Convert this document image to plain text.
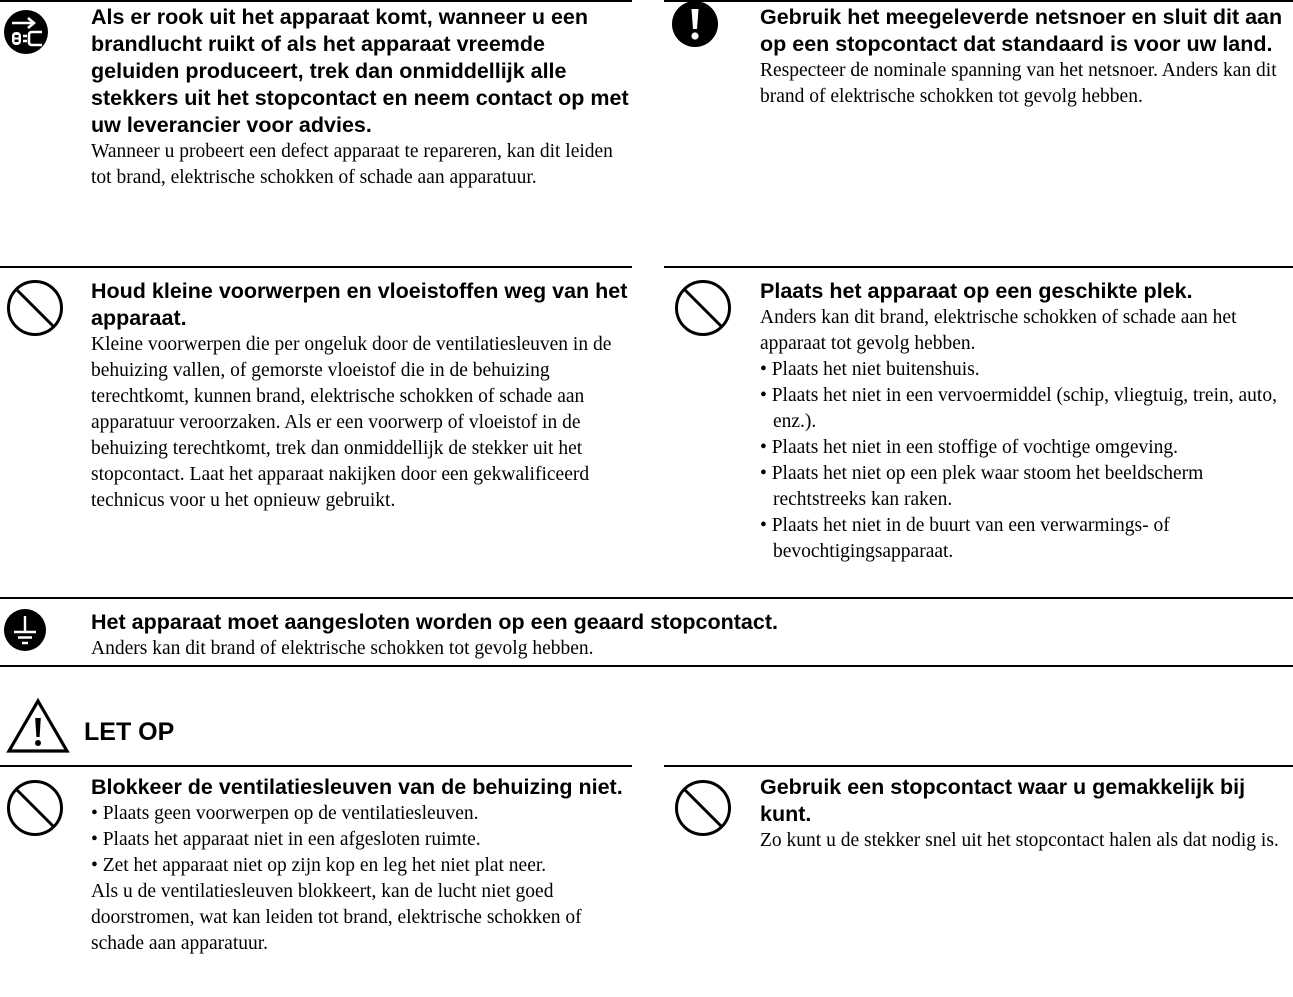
Als er rook uit het apparaat komt, wanneer u een brandlucht ruikt of als het apparaat vreemde geluiden produceert, trek dan onmiddellijk alle stekkers uit het stopcontact en neem contact op met uw leverancier voor advies.

Wanneer u probeert een defect apparaat te repareren, kan dit leiden tot brand, elektrische schokken of schade aan apparatuur.

Gebruik het meegeleverde netsnoer en sluit dit aan op een stopcontact dat standaard is voor uw land.

Respecteer de nominale spanning van het netsnoer. Anders kan dit brand of elektrische schokken tot gevolg hebben.

Houd kleine voorwerpen en vloeistoffen weg van het apparaat.

Kleine voorwerpen die per ongeluk door de ventilatiesleuven in de behuizing vallen, of gemorste vloeistof die in de behuizing terechtkomt, kunnen brand, elektrische schokken of schade aan apparatuur veroorzaken. Als er een voorwerp of vloeistof in de behuizing terechtkomt, trek dan onmiddellijk de stekker uit het stopcontact. Laat het apparaat nakijken door een gekwalificeerd technicus voor u het opnieuw gebruikt.

Plaats het apparaat op een geschikte plek.

Anders kan dit brand, elektrische schokken of schade aan het apparaat tot gevolg hebben.

• Plaats het niet buitenshuis.
• Plaats het niet in een vervoermiddel (schip, vliegtuig, trein, auto, enz.).
• Plaats het niet in een stoffige of vochtige omgeving.
• Plaats het niet op een plek waar stoom het beeldscherm rechtstreeks kan raken.
• Plaats het niet in de buurt van een verwarmings- of bevochtigingsapparaat.

Het apparaat moet aangesloten worden op een geaard stopcontact.

Anders kan dit brand of elektrische schokken tot gevolg hebben.

LET OP

Blokkeer de ventilatiesleuven van de behuizing niet.

• Plaats geen voorwerpen op de ventilatiesleuven.
• Plaats het apparaat niet in een afgesloten ruimte.
• Zet het apparaat niet op zijn kop en leg het niet plat neer.

Als u de ventilatiesleuven blokkeert, kan de lucht niet goed doorstromen, wat kan leiden tot brand, elektrische schokken of schade aan apparatuur.

Gebruik een stopcontact waar u gemakkelijk bij kunt.

Zo kunt u de stekker snel uit het stopcontact halen als dat nodig is.
